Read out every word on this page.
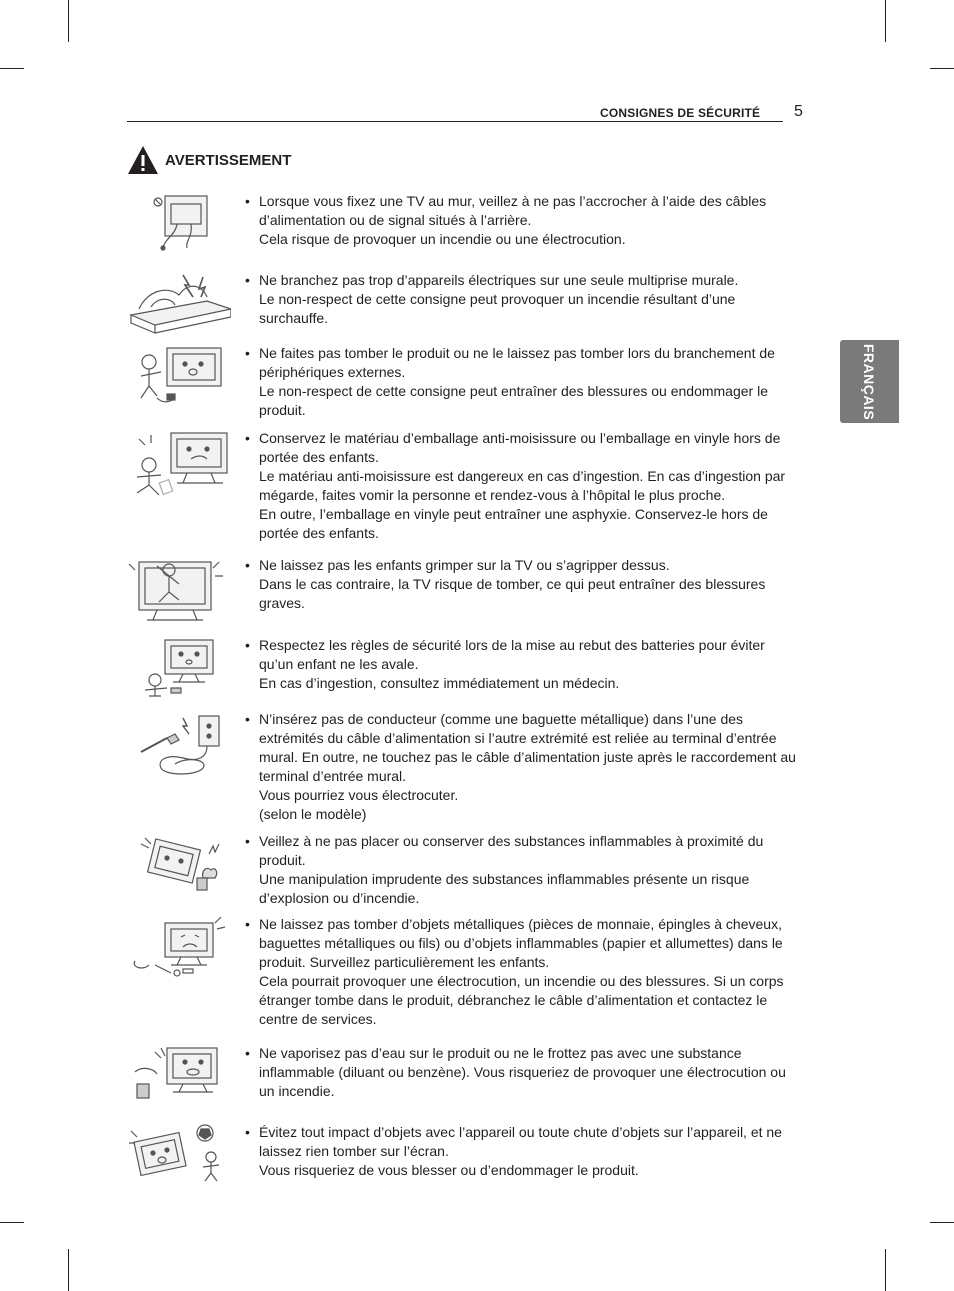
CONSIGNES DE SÉCURITÉ 5
FRANÇAIS
AVERTISSEMENT
• Lorsque vous fixez une TV au mur, veillez à ne pas l’accrocher à l’aide des câbles d’alimentation ou de signal situés à l’arrière.

Cela risque de provoquer un incendie ou une électrocution.

• Ne branchez pas trop d’appareils électriques sur une seule multiprise murale.

Le non-respect de cette consigne peut provoquer un incendie résultant d’une surchauffe.

• Ne faites pas tomber le produit ou ne le laissez pas tomber lors du branchement de périphériques externes.

Le non-respect de cette consigne peut entraîner des blessures ou endommager le produit.

• Conservez le matériau d’emballage anti-moisissure ou l’emballage en vinyle hors de portée des enfants.

Le matériau anti-moisissure est dangereux en cas d’ingestion. En cas d’ingestion par mégarde, faites vomir la personne et rendez-vous à l’hôpital le plus proche.

En outre, l’emballage en vinyle peut entraîner une asphyxie. Conservez-le hors de portée des enfants.

• Ne laissez pas les enfants grimper sur la TV ou s’agripper dessus.

Dans le cas contraire, la TV risque de tomber, ce qui peut entraîner des blessures graves.

• Respectez les règles de sécurité lors de la mise au rebut des batteries pour éviter qu’un enfant ne les avale.

En cas d’ingestion, consultez immédiatement un médecin.

• N’insérez pas de conducteur (comme une baguette métallique) dans l’une des extrémités du câble d’alimentation si l’autre extrémité est reliée au terminal d’entrée mural. En outre, ne touchez pas le câble d’alimentation juste après le raccordement au terminal d’entrée mural.

Vous pourriez vous électrocuter.

(selon le modèle)

• Veillez à ne pas placer ou conserver des substances inflammables à proximité du produit.

Une manipulation imprudente des substances inflammables présente un risque d’explosion ou d’incendie.

• Ne laissez pas tomber d’objets métalliques (pièces de monnaie, épingles à cheveux, baguettes métalliques ou fils) ou d’objets inflammables (papier et allumettes) dans le produit. Surveillez particulièrement les enfants.

Cela pourrait provoquer une électrocution, un incendie ou des blessures. Si un corps étranger tombe dans le produit, débranchez le câble d’alimentation et contactez le centre de services.

• Ne vaporisez pas d’eau sur le produit ou ne le frottez pas avec une substance inflammable (diluant ou benzène). Vous risqueriez de provoquer une électrocution ou un incendie.

• Évitez tout impact d’objets avec l’appareil ou toute chute d’objets sur l’appareil, et ne laissez rien tomber sur l’écran.

Vous risqueriez de vous blesser ou d’endommager le produit.
